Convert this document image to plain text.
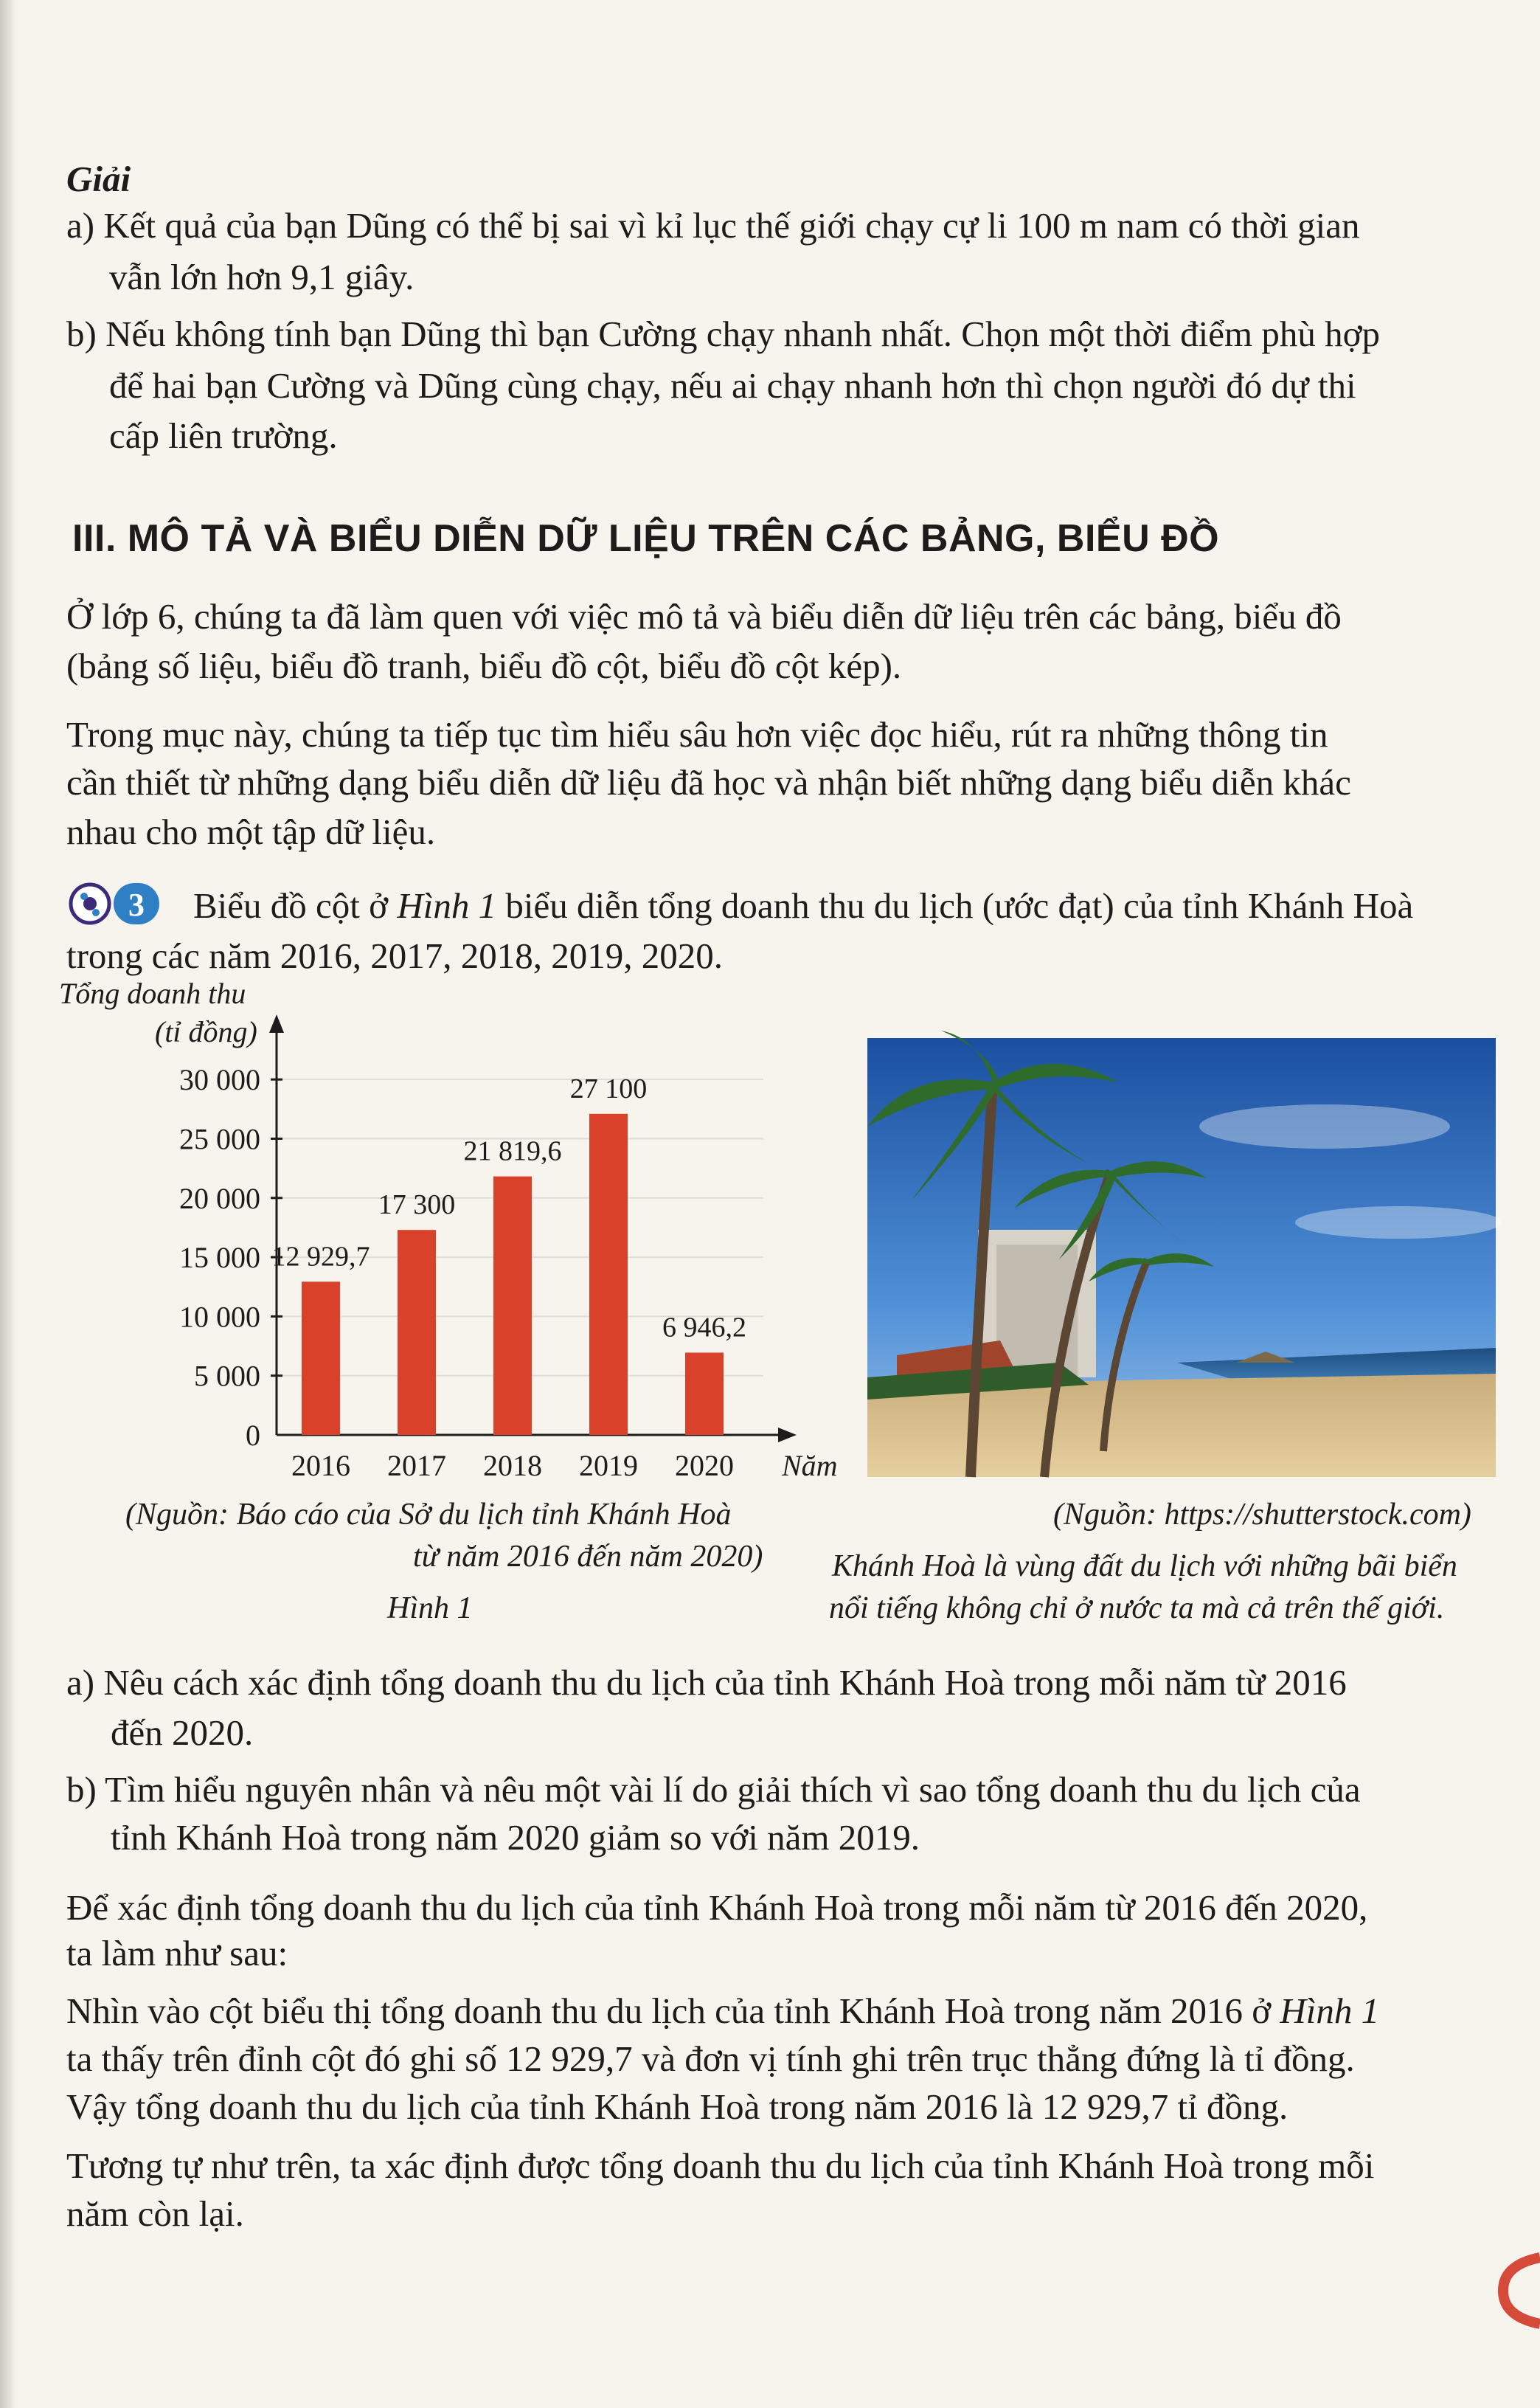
Giải

a) Kết quả của bạn Dũng có thể bị sai vì kỉ lục thế giới chạy cự li 100 m nam có thời gian

vẫn lớn hơn 9,1 giây.

b) Nếu không tính bạn Dũng thì bạn Cường chạy nhanh nhất. Chọn một thời điểm phù hợp

để hai bạn Cường và Dũng cùng chạy, nếu ai chạy nhanh hơn thì chọn người đó dự thi

cấp liên trường.

III. MÔ TẢ VÀ BIỂU DIỄN DỮ LIỆU TRÊN CÁC BẢNG, BIỂU ĐỒ

Ở lớp 6, chúng ta đã làm quen với việc mô tả và biểu diễn dữ liệu trên các bảng, biểu đồ

(bảng số liệu, biểu đồ tranh, biểu đồ cột, biểu đồ cột kép).

Trong mục này, chúng ta tiếp tục tìm hiểu sâu hơn việc đọc hiểu, rút ra những thông tin

cần thiết từ những dạng biểu diễn dữ liệu đã học và nhận biết những dạng biểu diễn khác

nhau cho một tập dữ liệu.

3 Biểu đồ cột ở Hình 1 biểu diễn tổng doanh thu du lịch (ước đạt) của tỉnh Khánh Hoà

trong các năm 2016, 2017, 2018, 2019, 2020.

0
5 000
10 000
15 000
20 000
25 000
30 000
Tổng doanh thu
(tỉ đồng)
12 929,7
2016
17 300
2017
21 819,6
2018
27 100
2019
6 946,2
2020 Năm
(Nguồn: Báo cáo của Sở du lịch tỉnh Khánh Hoà
từ năm 2016 đến năm 2020)
Hình 1
(Nguồn: https://shutterstock.com)
Khánh Hoà là vùng đất du lịch với những bãi biển
nổi tiếng không chỉ ở nước ta mà cả trên thế giới.

a) Nêu cách xác định tổng doanh thu du lịch của tỉnh Khánh Hoà trong mỗi năm từ 2016

đến 2020.

b) Tìm hiểu nguyên nhân và nêu một vài lí do giải thích vì sao tổng doanh thu du lịch của

tỉnh Khánh Hoà trong năm 2020 giảm so với năm 2019.

Để xác định tổng doanh thu du lịch của tỉnh Khánh Hoà trong mỗi năm từ 2016 đến 2020,

ta làm như sau:

Nhìn vào cột biểu thị tổng doanh thu du lịch của tỉnh Khánh Hoà trong năm 2016 ở Hình 1

ta thấy trên đỉnh cột đó ghi số 12 929,7 và đơn vị tính ghi trên trục thẳng đứng là tỉ đồng.

Vậy tổng doanh thu du lịch của tỉnh Khánh Hoà trong năm 2016 là 12 929,7 tỉ đồng.

Tương tự như trên, ta xác định được tổng doanh thu du lịch của tỉnh Khánh Hoà trong mỗi

năm còn lại.
